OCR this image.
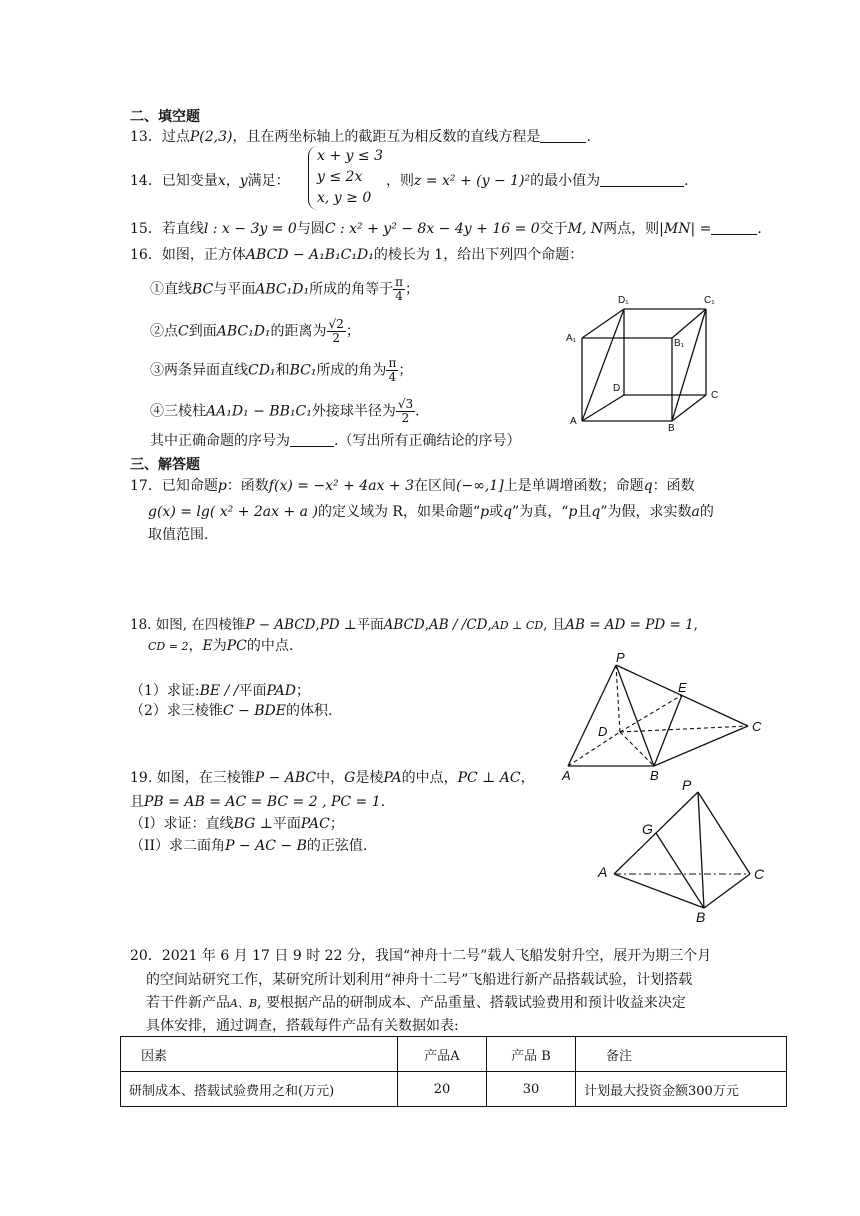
二、填空题
13．过点P(2,3)，且在两坐标轴上的截距互为相反数的直线方程是	.
14．已知变量x，y满足：
x + y ≤ 3
y ≤ 2x
x, y ≥ 0
，则z = x² + (y − 1)²的最小值为	.
15．若直线l : x − 3y = 0与圆C : x² + y² − 8x − 4y + 16 = 0交于M, N两点，则|MN| =	.
16．如图，正方体ABCD − A₁B₁C₁D₁的棱长为 1，给出下列四个命题：
①直线BC与平面ABC₁D₁所成的角等于 $\frac{\pi}{4}$ ；
②点C到面ABC₁D₁的距离为 $\frac{√2}{2}$ ；
③两条异面直线CD₁和BC₁所成的角为 $\frac{\pi}{4}$ ；
④三棱柱AA₁D₁ − BB₁C₁外接球半径为 $\frac{√3}{2}$ .
其中正确命题的序号为	.（写出所有正确结论的序号）
D₁	C₁
A₁	B₁
D
C
A
B
三、解答题
17．已知命题p：函数f(x) = −x² + 4ax + 3在区间(−∞,1]上是单调增函数；命题q：函数
g(x) = lg( x² + 2ax + a )的定义域为 R，如果命题“p或q”为真，“p且q”为假，求实数a的
取值范围.
18. 如图, 在四棱锥P − ABCD,PD ⊥平面ABCD,AB / /CD,AD ⊥ CD, 且AB = AD = PD = 1,
CD = 2，E为PC的中点.
（1）求证:BE / /平面PAD；
（2）求三棱锥C − BDE的体积.
P
E
D	C
A	B
19. 如图，在三棱锥P − ABC中，G是棱PA的中点，PC ⊥ AC，
且PB = AB = AC = BC = 2 , PC = 1.
（I）求证：直线BG ⊥平面PAC；
（II）求二面角P − AC − B的正弦值.
P
G
A	C
B
20．2021 年 6 月 17 日 9 时 22 分，我国“神舟十二号”载人飞船发射升空，展开为期三个月
的空间站研究工作，某研究所计划利用“神舟十二号”飞船进行新产品搭载试验，计划搭载
若干件新产品A、B, 要根据产品的研制成本、产品重量、搭载试验费用和预计收益来决定
具体安排，通过调查，搭载每件产品有关数据如表:
因素	产品A	产品 B	备注
研制成本、搭载试验费用之和(万元)	20	30	计划最大投资金额300万元
